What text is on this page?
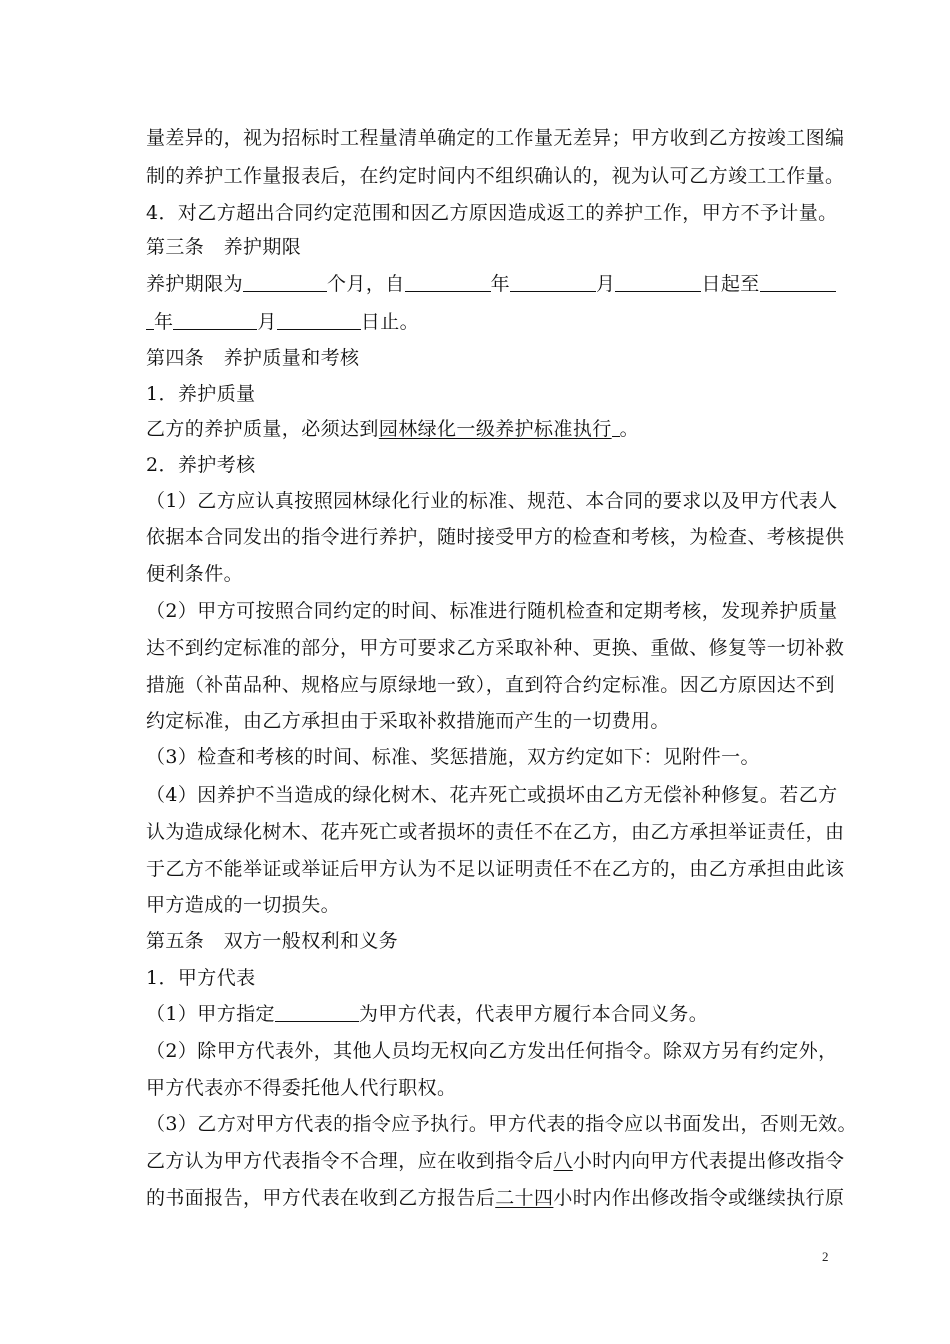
量差异的，视为招标时工程量清单确定的工作量无差异；甲方收到乙方按竣工图编
制的养护工作量报表后，在约定时间内不组织确认的，视为认可乙方竣工工作量。
4．对乙方超出合同约定范围和因乙方原因造成返工的养护工作，甲方不予计量。
第三条　养护期限
养护期限为	个月，自	年	月	日起至
年	月	日止。
第四条　养护质量和考核
1．养护质量
乙方的养护质量，必须达到园林绿化一级养护标准执行 。
2．养护考核
（1）乙方应认真按照园林绿化行业的标准、规范、本合同的要求以及甲方代表人
依据本合同发出的指令进行养护，随时接受甲方的检查和考核，为检查、考核提供
便利条件。
（2）甲方可按照合同约定的时间、标准进行随机检查和定期考核，发现养护质量
达不到约定标准的部分，甲方可要求乙方采取补种、更换、重做、修复等一切补救
措施（补苗品种、规格应与原绿地一致），直到符合约定标准。因乙方原因达不到
约定标准，由乙方承担由于采取补救措施而产生的一切费用。
（3）检查和考核的时间、标准、奖惩措施，双方约定如下：见附件一。
（4）因养护不当造成的绿化树木、花卉死亡或损坏由乙方无偿补种修复。若乙方
认为造成绿化树木、花卉死亡或者损坏的责任不在乙方，由乙方承担举证责任，由
于乙方不能举证或举证后甲方认为不足以证明责任不在乙方的，由乙方承担由此该
甲方造成的一切损失。
第五条　双方一般权利和义务
1．甲方代表
（1）甲方指定	为甲方代表，代表甲方履行本合同义务。
（2）除甲方代表外，其他人员均无权向乙方发出任何指令。除双方另有约定外，
甲方代表亦不得委托他人代行职权。
（3）乙方对甲方代表的指令应予执行。甲方代表的指令应以书面发出，否则无效。
乙方认为甲方代表指令不合理，应在收到指令后八小时内向甲方代表提出修改指令
的书面报告，甲方代表在收到乙方报告后二十四小时内作出修改指令或继续执行原
2
